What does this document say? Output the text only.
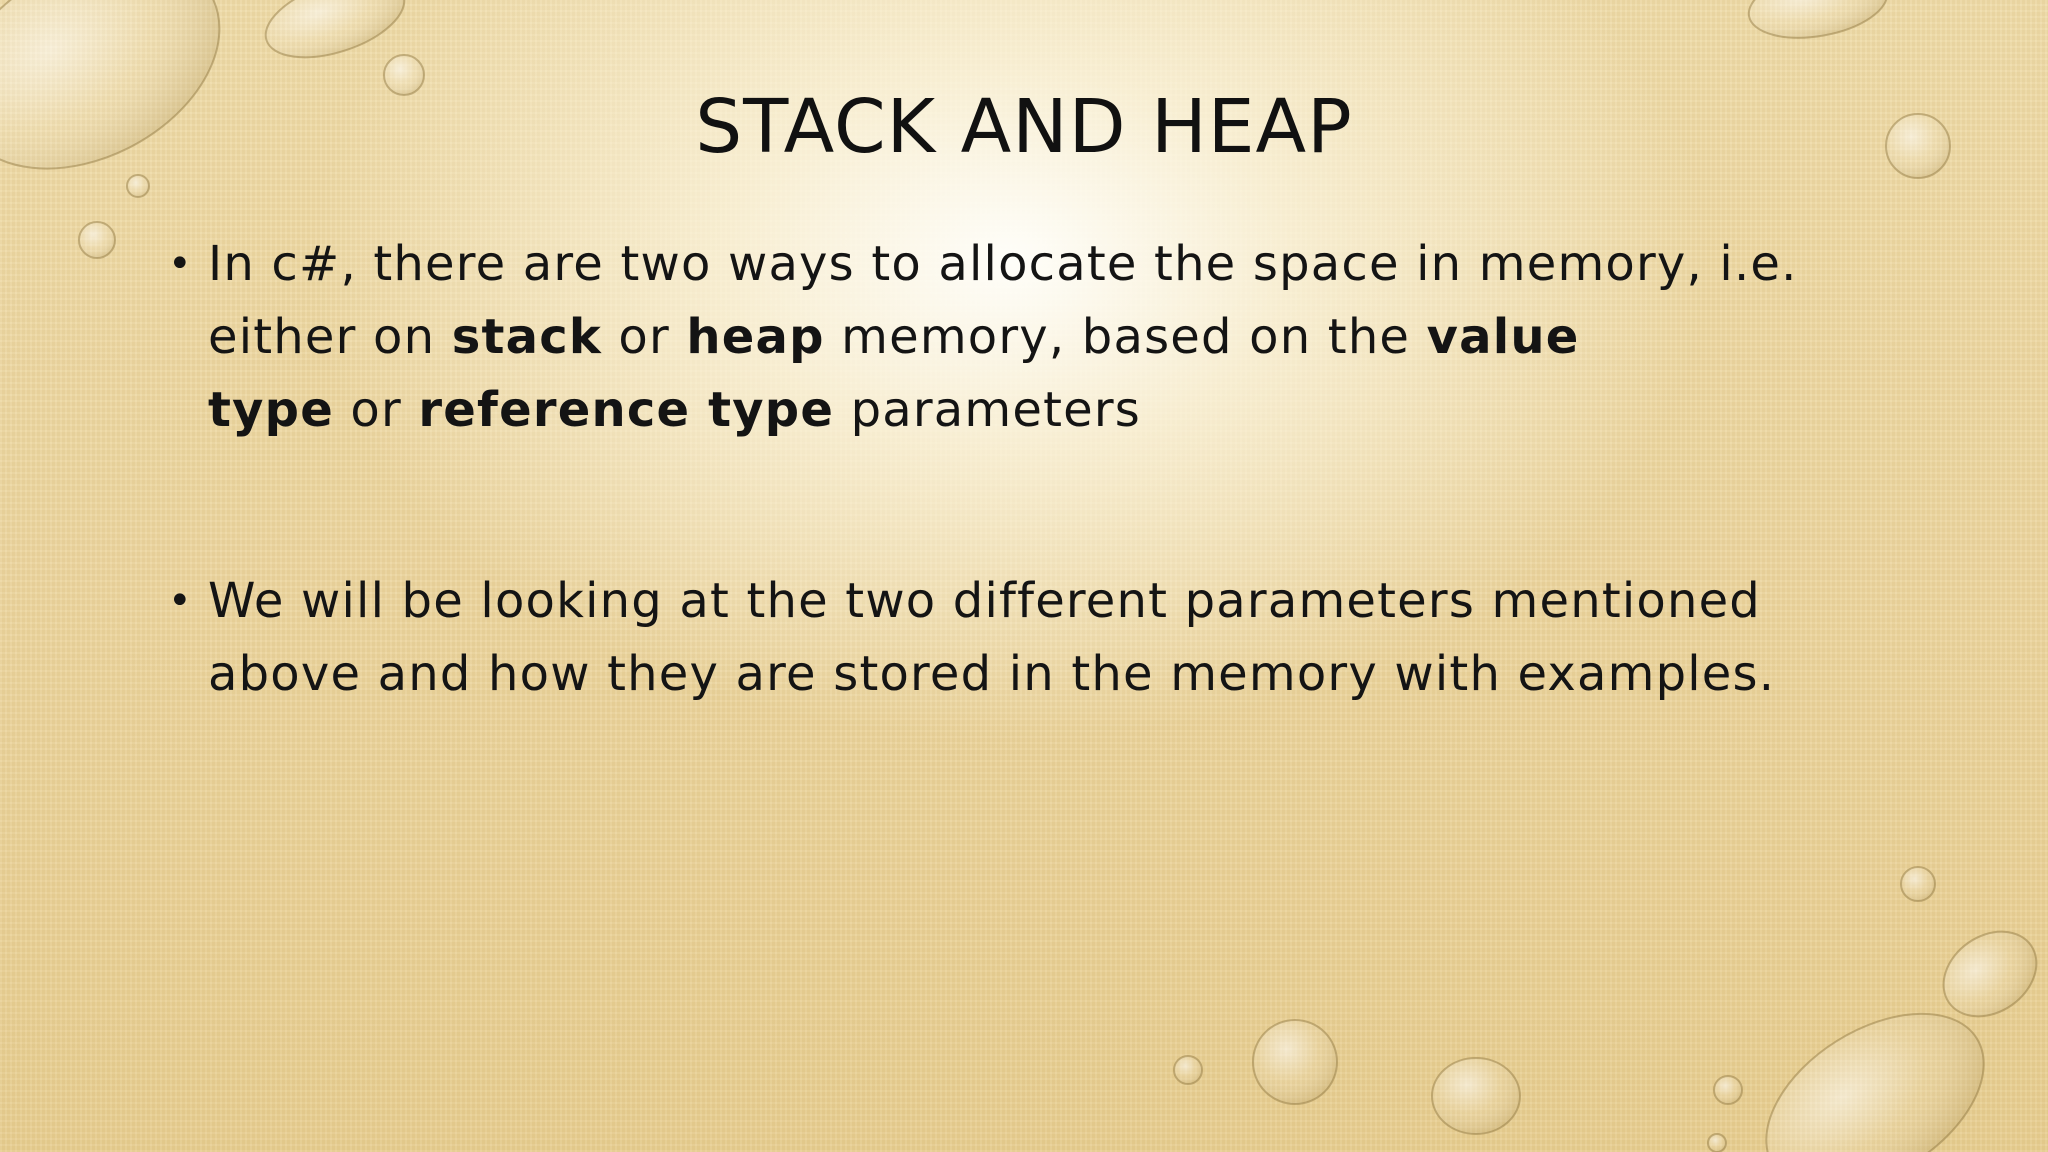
STACK AND HEAP
• In c#, there are two ways to allocate the space in memory, i.e.
either on stack or heap memory, based on the value
type or reference type parameters
• We will be looking at the two different parameters mentioned
above and how they are stored in the memory with examples.
